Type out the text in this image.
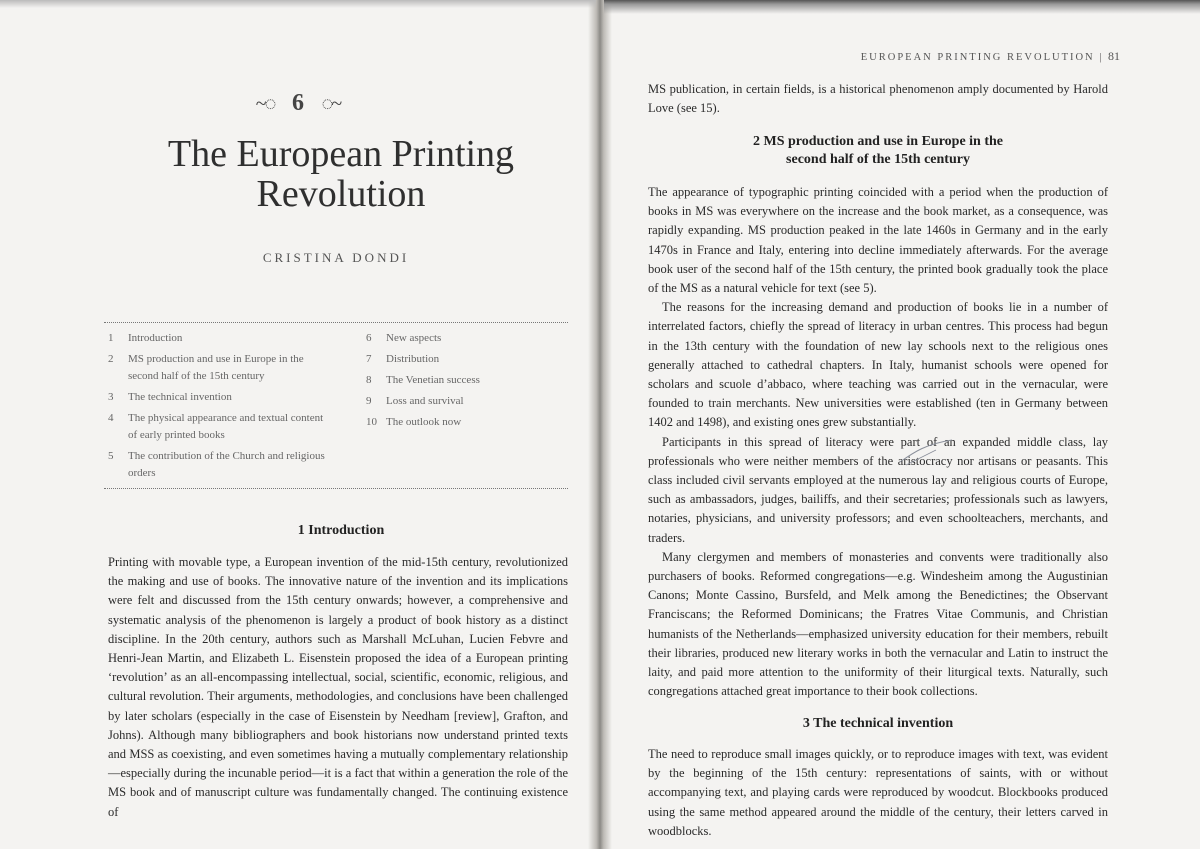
~◌ 6 ◌~
The European Printing
Revolution
CRISTINA DONDI
1	Introduction
2	MS production and use in Europe in the second half of the 15th century
3	The technical invention
4	The physical appearance and textual content of early printed books
5	The contribution of the Church and religious orders
6	New aspects
7	Distribution
8	The Venetian success
9	Loss and survival
10 The outlook now
1 Introduction

Printing with movable type, a European invention of the mid-15th century, revolutionized the making and use of books. The innovative nature of the invention and its implications were felt and discussed from the 15th century onwards; however, a comprehensive and systematic analysis of the phenomenon is largely a product of book history as a distinct discipline. In the 20th century, authors such as Marshall McLuhan, Lucien Febvre and Henri-Jean Martin, and Elizabeth L. Eisenstein proposed the idea of a European printing ‘revolution’ as an all-encompassing intellectual, social, scientific, economic, religious, and cultural revolution. Their arguments, methodologies, and conclusions have been challenged by later scholars (especially in the case of Eisenstein by Needham [review], Grafton, and Johns). Although many bibliographers and book historians now understand printed texts and MSS as coexisting, and even sometimes having a mutually complementary relationship—especially during the incunable period—it is a fact that within a generation the role of the MS book and of manuscript culture was fundamentally changed. The continuing existence of

EUROPEAN PRINTING REVOLUTION | 81

MS publication, in certain fields, is a historical phenomenon amply documented by Harold Love (see 15).

2 MS production and use in Europe in the
second half of the 15th century

The appearance of typographic printing coincided with a period when the production of books in MS was everywhere on the increase and the book market, as a consequence, was rapidly expanding. MS production peaked in the late 1460s in Germany and in the early 1470s in France and Italy, entering into decline immediately afterwards. For the average book user of the second half of the 15th century, the printed book gradually took the place of the MS as a natural vehicle for text (see 5).

The reasons for the increasing demand and production of books lie in a number of interrelated factors, chiefly the spread of literacy in urban centres. This process had begun in the 13th century with the foundation of new lay schools next to the religious ones generally attached to cathedral chapters. In Italy, humanist schools were opened for scholars and scuole d’abbaco, where teaching was carried out in the vernacular, were founded to train merchants. New universities were established (ten in Germany between 1402 and 1498), and existing ones grew substantially.

Participants in this spread of literacy were part of an expanded middle class, lay professionals who were neither members of the aristocracy nor artisans or peasants. This class included civil servants employed at the numerous lay and religious courts of Europe, such as ambassadors, judges, bailiffs, and their secretaries; professionals such as lawyers, notaries, physicians, and university professors; and even schoolteachers, merchants, and traders.

Many clergymen and members of monasteries and convents were traditionally also purchasers of books. Reformed congregations—e.g. Windesheim among the Augustinian Canons; Monte Cassino, Bursfeld, and Melk among the Benedictines; the Observant Franciscans; the Reformed Dominicans; the Fratres Vitae Communis, and Christian humanists of the Netherlands—emphasized university education for their members, rebuilt their libraries, produced new literary works in both the vernacular and Latin to instruct the laity, and paid more attention to the uniformity of their liturgical texts. Naturally, such congregations attached great importance to their book collections.

3 The technical invention

The need to reproduce small images quickly, or to reproduce images with text, was evident by the beginning of the 15th century: representations of saints, with or without accompanying text, and playing cards were reproduced by woodcut. Blockbooks produced using the same method appeared around the middle of the century, their letters carved in woodblocks.
